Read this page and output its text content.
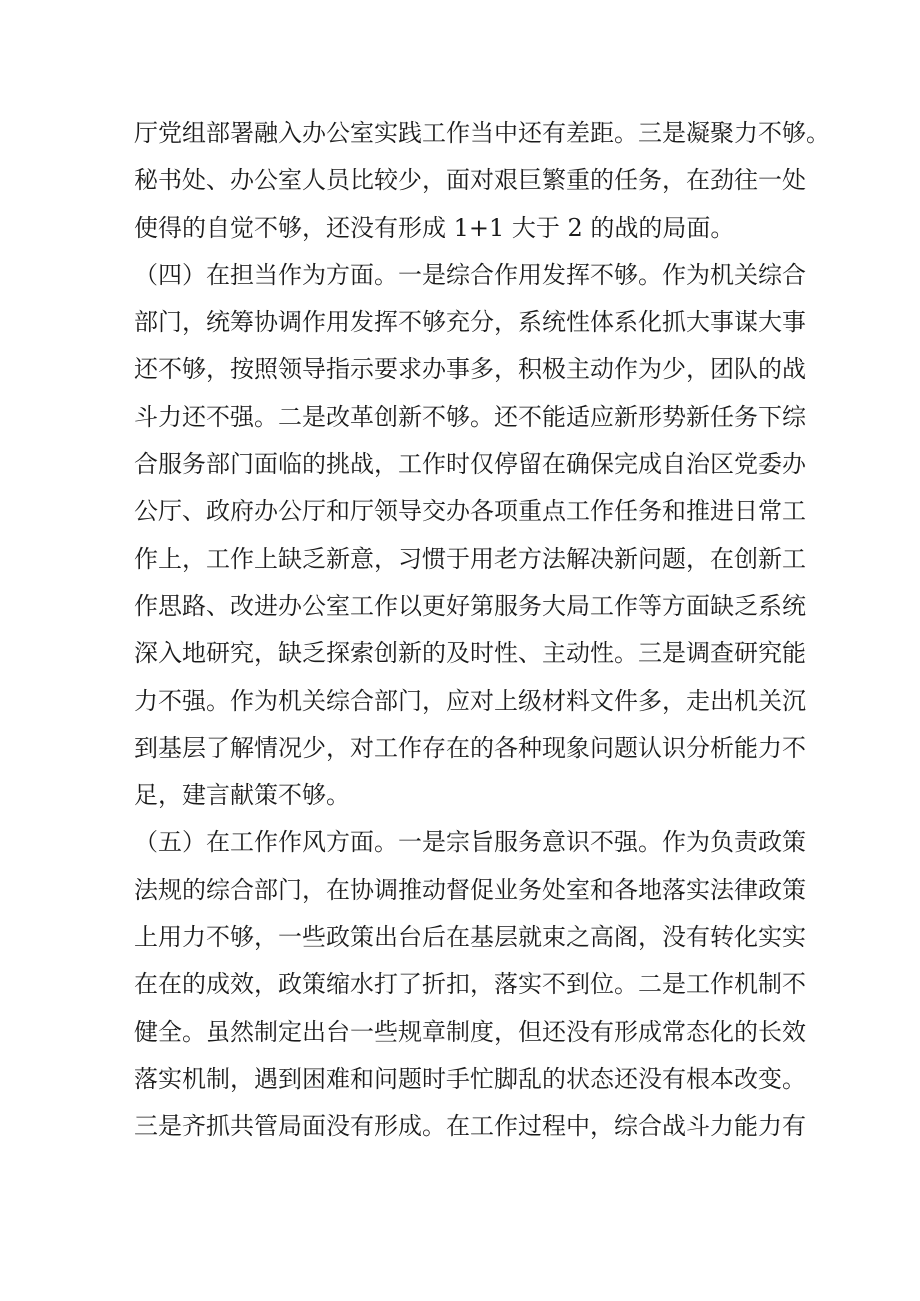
厅党组部署融入办公室实践工作当中还有差距。三是凝聚力不够。
秘书处、办公室人员比较少，面对艰巨繁重的任务，在劲往一处
使得的自觉不够，还没有形成 1+1 大于 2 的战的局面。
（四）在担当作为方面。一是综合作用发挥不够。作为机关综合
部门，统筹协调作用发挥不够充分，系统性体系化抓大事谋大事
还不够，按照领导指示要求办事多，积极主动作为少，团队的战
斗力还不强。二是改革创新不够。还不能适应新形势新任务下综
合服务部门面临的挑战，工作时仅停留在确保完成自治区党委办
公厅、政府办公厅和厅领导交办各项重点工作任务和推进日常工
作上，工作上缺乏新意，习惯于用老方法解决新问题，在创新工
作思路、改进办公室工作以更好第服务大局工作等方面缺乏系统
深入地研究，缺乏探索创新的及时性、主动性。三是调查研究能
力不强。作为机关综合部门，应对上级材料文件多，走出机关沉
到基层了解情况少，对工作存在的各种现象问题认识分析能力不
足，建言献策不够。
（五）在工作作风方面。一是宗旨服务意识不强。作为负责政策
法规的综合部门，在协调推动督促业务处室和各地落实法律政策
上用力不够，一些政策出台后在基层就束之高阁，没有转化实实
在在的成效，政策缩水打了折扣，落实不到位。二是工作机制不
健全。虽然制定出台一些规章制度，但还没有形成常态化的长效
落实机制，遇到困难和问题时手忙脚乱的状态还没有根本改变。
三是齐抓共管局面没有形成。在工作过程中，综合战斗力能力有
